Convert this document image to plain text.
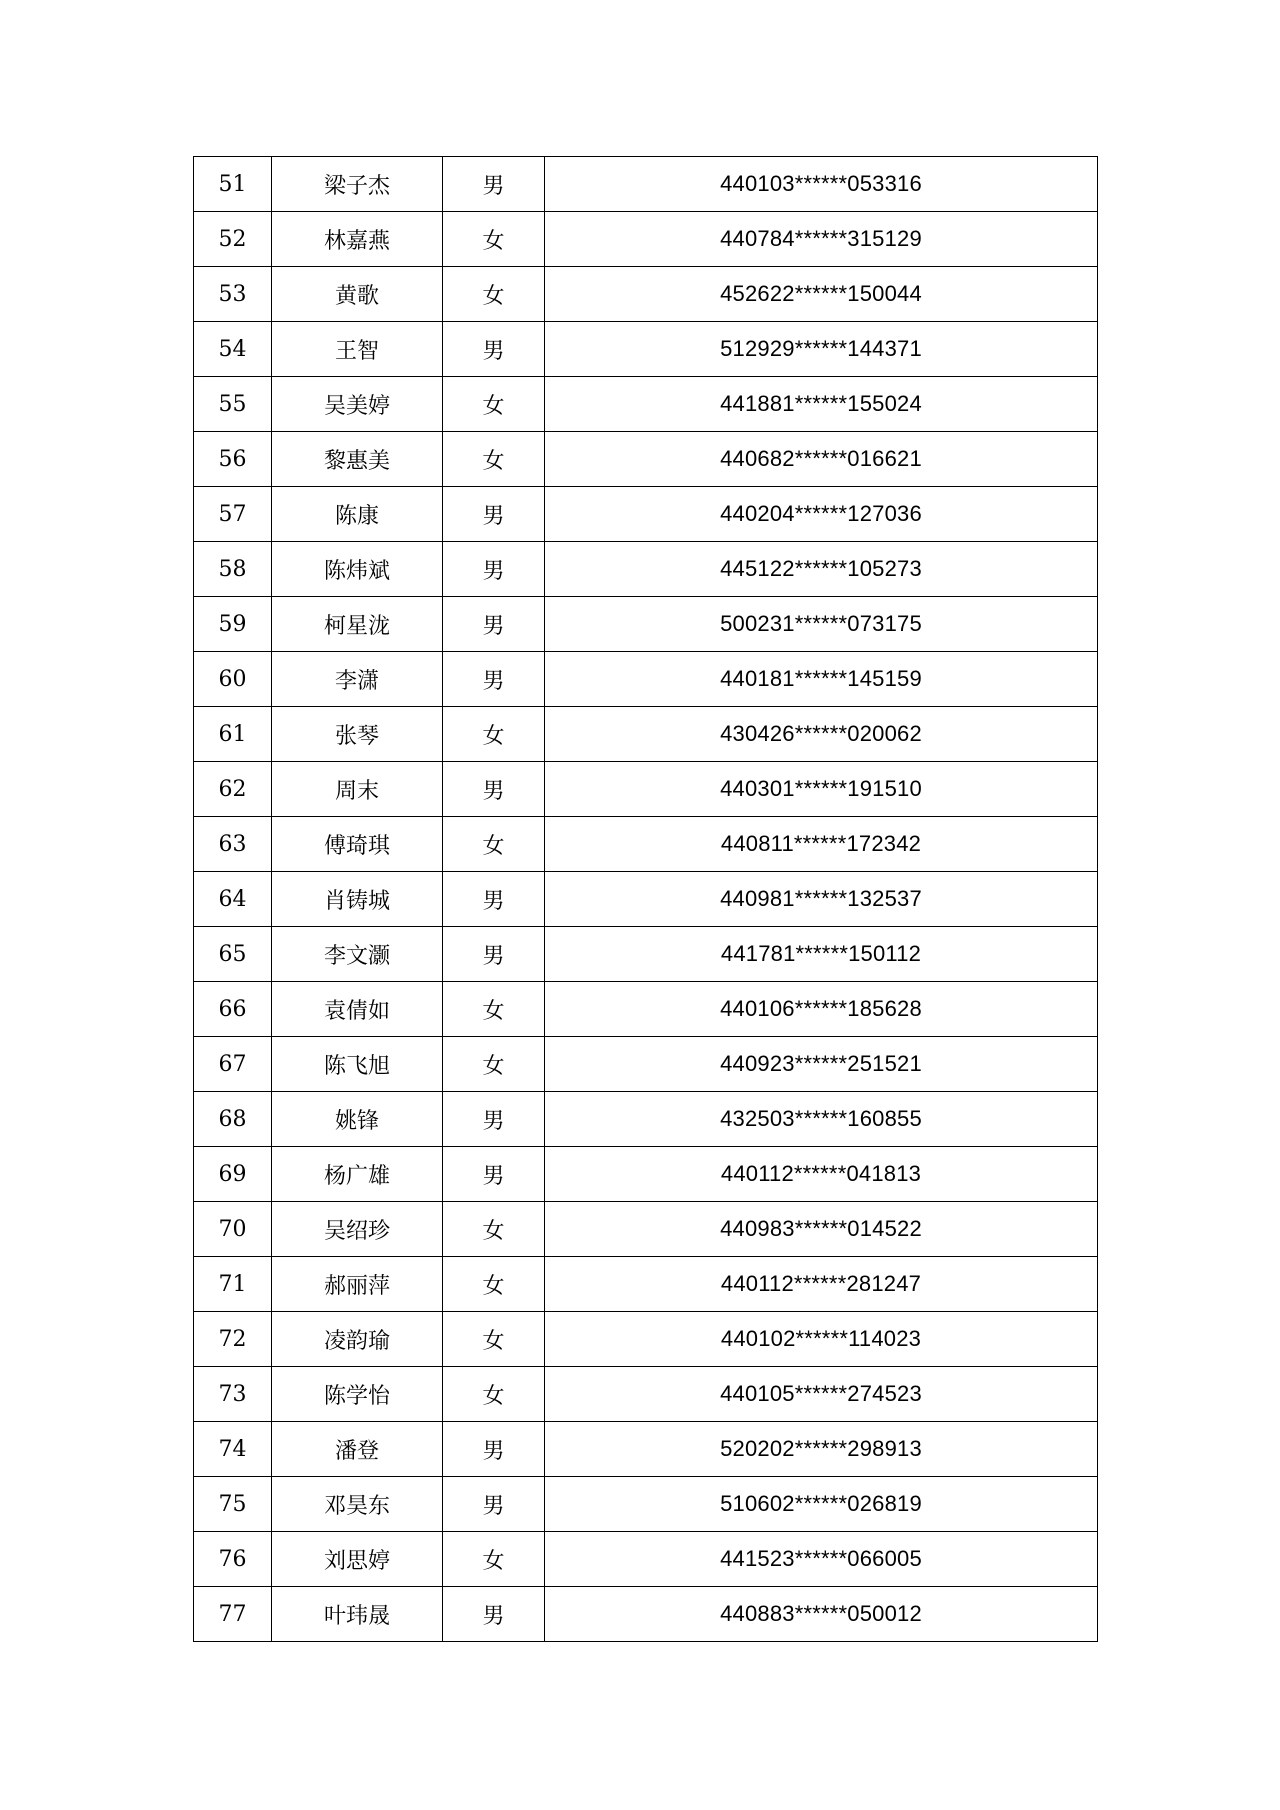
51	梁子杰	男	440103******053316
52	林嘉燕	女	440784******315129
53	黄歌	女	452622******150044
54	王智	男	512929******144371
55	吴美婷	女	441881******155024
56	黎惠美	女	440682******016621
57	陈康	男	440204******127036
58	陈炜斌	男	445122******105273
59	柯星泷	男	500231******073175
60	李潇	男	440181******145159
61	张琴	女	430426******020062
62	周末	男	440301******191510
63	傅琦琪	女	440811******172342
64	肖铸城	男	440981******132537
65	李文灏	男	441781******150112
66	袁倩如	女	440106******185628
67	陈飞旭	女	440923******251521
68	姚锋	男	432503******160855
69	杨广雄	男	440112******041813
70	吴绍珍	女	440983******014522
71	郝丽萍	女	440112******281247
72	凌韵瑜	女	440102******114023
73	陈学怡	女	440105******274523
74	潘登	男	520202******298913
75	邓昊东	男	510602******026819
76	刘思婷	女	441523******066005
77	叶玮晟	男	440883******050012
